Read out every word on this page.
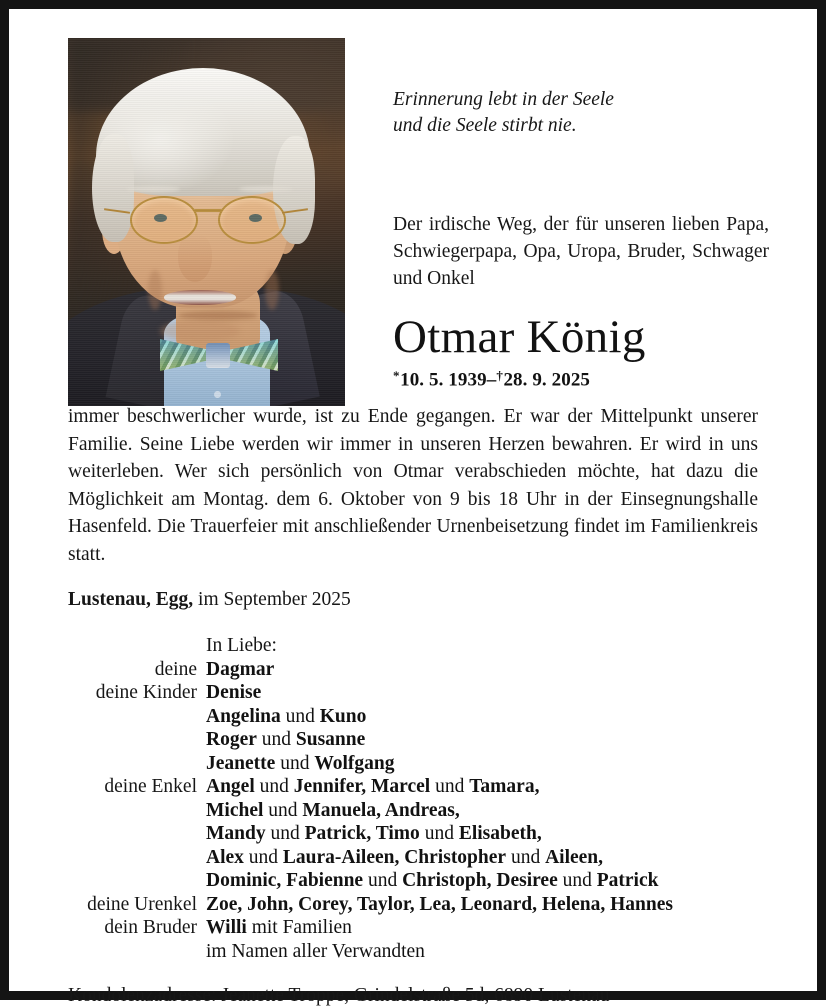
Erinnerung lebt in der Seele
und die Seele stirbt nie.
Der irdische Weg, der für unseren lieben Papa, Schwiegerpapa, Opa, Uropa, Bruder, Schwager und Onkel
Otmar König
*10. 5. 1939–†28. 9. 2025
immer beschwerlicher wurde, ist zu Ende gegangen. Er war der Mittelpunkt unserer Familie. Seine Liebe werden wir immer in unseren Herzen bewahren. Er wird in uns weiterleben. Wer sich persönlich von Otmar verabschieden möchte, hat dazu die Möglichkeit am Montag. dem 6. Oktober von 9 bis 18 Uhr in der Einsegnungshalle Hasenfeld. Die Trauerfeier mit anschließender Urnenbeisetzung findet im Familienkreis statt.
Lustenau, Egg, im September 2025
In Liebe:
deine Dagmar
deine Kinder Denise
Angelina und Kuno
Roger und Susanne
Jeanette und Wolfgang
deine Enkel Angel und Jennifer, Marcel und Tamara,
Michel und Manuela, Andreas,
Mandy und Patrick, Timo und Elisabeth,
Alex und Laura-Aileen, Christopher und Aileen,
Dominic, Fabienne und Christoph, Desiree und Patrick
deine Urenkel Zoe, John, Corey, Taylor, Lea, Leonard, Helena, Hannes
dein Bruder Willi mit Familien
im Namen aller Verwandten
Kondolenzadresse: Jeanette Troppe, Grindelstraße 5d, 6890 Lustenau
